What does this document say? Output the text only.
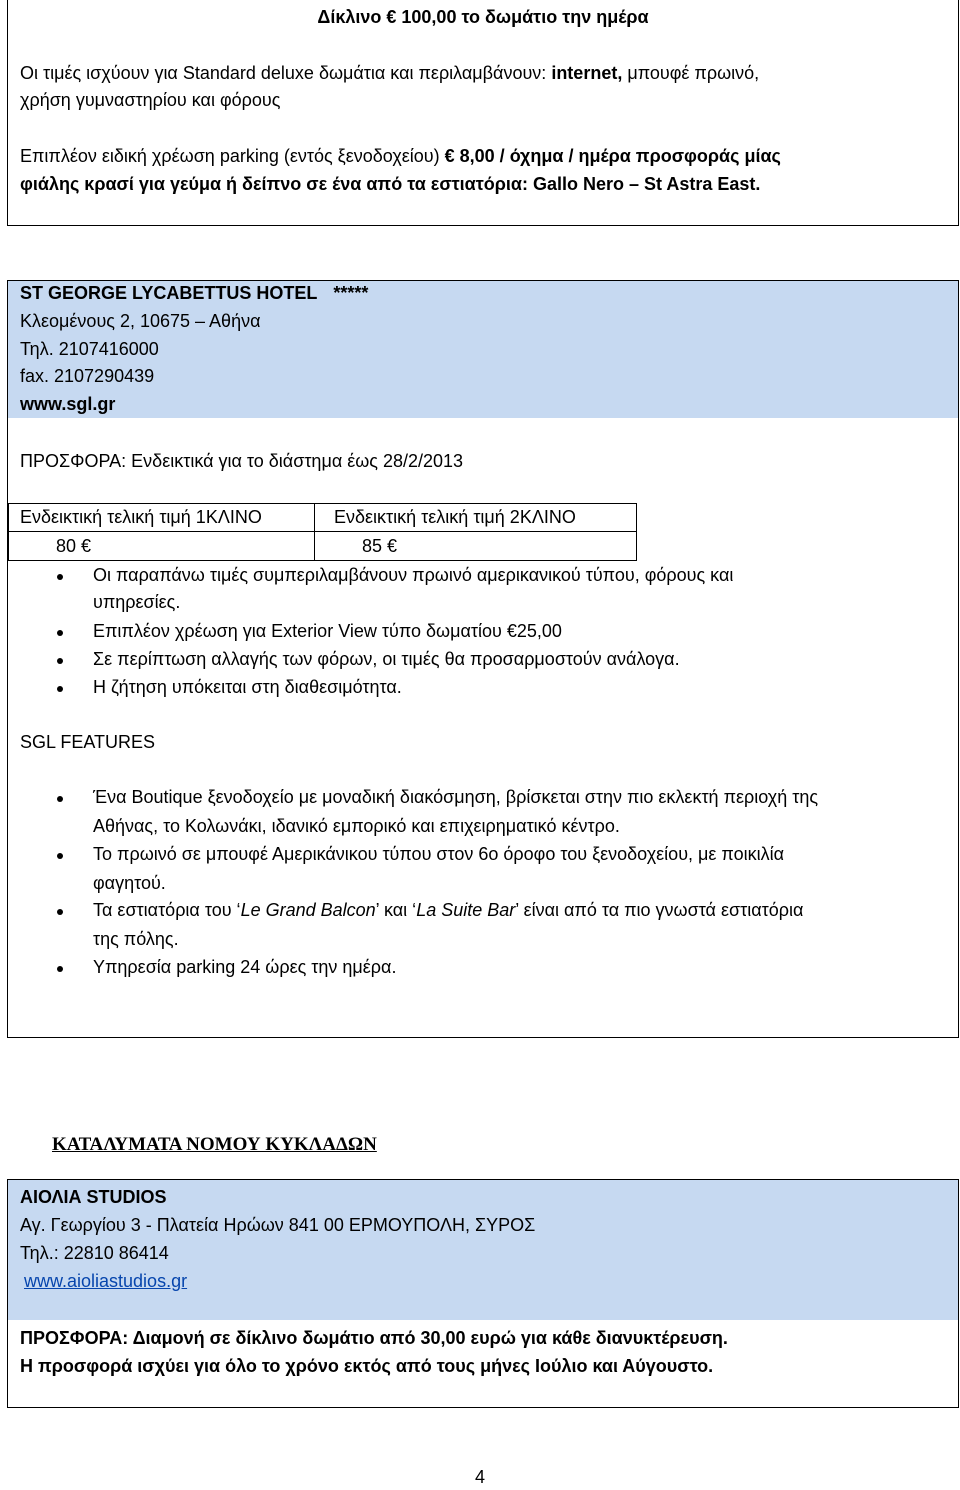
Δίκλινο € 100,00 το δωμάτιο την ημέρα
Οι τιμές ισχύουν για Standard deluxe δωμάτια και περιλαμβάνουν: internet, μπουφέ πρωινό,
χρήση γυμναστηρίου και φόρους
Επιπλέον ειδική χρέωση parking (εντός ξενοδοχείου) € 8,00 / όχημα / ημέρα προσφοράς μίας
φιάλης κρασί για γεύμα ή δείπνο σε ένα από τα εστιατόρια: Gallo Nero – St Astra East.
ST GEORGE LYCABETTUS HOTEL *****
Κλεομένους 2, 10675 – Αθήνα
Τηλ. 2107416000
fax. 2107290439
www.sgl.gr
ΠΡΟΣΦΟΡΑ: Ενδεικτικά για το διάστημα έως 28/2/2013
Ενδεικτική τελική τιμή 1ΚΛΙΝΟ	Ενδεικτική τελική τιμή 2ΚΛΙΝΟ
80 €	85 €
Οι παραπάνω τιμές συμπεριλαμβάνουν πρωινό αμερικανικού τύπου, φόρους και
υπηρεσίες.
Επιπλέον χρέωση για Exterior View τύπο δωματίου €25,00
Σε περίπτωση αλλαγής των φόρων, οι τιμές θα προσαρμοστούν ανάλογα.
Η ζήτηση υπόκειται στη διαθεσιμότητα.
SGL FEATURES
Ένα Boutique ξενοδοχείο με μοναδική διακόσμηση, βρίσκεται στην πιο εκλεκτή περιοχή της
Αθήνας, το Κολωνάκι, ιδανικό εμπορικό και επιχειρηματικό κέντρο.
Το πρωινό σε μπουφέ Αμερικάνικου τύπου στον 6ο όροφο του ξενοδοχείου, με ποικιλία
φαγητού.
Τα εστιατόρια του ‘Le Grand Balcon’ και ‘La Suite Bar’ είναι από τα πιο γνωστά εστιατόρια
της πόλης.
Υπηρεσία parking 24 ώρες την ημέρα.
ΚΑΤΑΛΥΜΑΤΑ ΝΟΜΟΥ ΚΥΚΛΑΔΩΝ
ΑΙΟΛΙΑ STUDIOS
Αγ. Γεωργίου 3 - Πλατεία Ηρώων 841 00 ΕΡΜΟΥΠΟΛΗ, ΣΥΡΟΣ
Τηλ.: 22810 86414
www.aioliastudios.gr
ΠΡΟΣΦΟΡΑ: Διαμονή σε δίκλινο δωμάτιο από 30,00 ευρώ για κάθε διανυκτέρευση.
Η προσφορά ισχύει για όλο το χρόνο εκτός από τους μήνες Ιούλιο και Αύγουστο.
4
